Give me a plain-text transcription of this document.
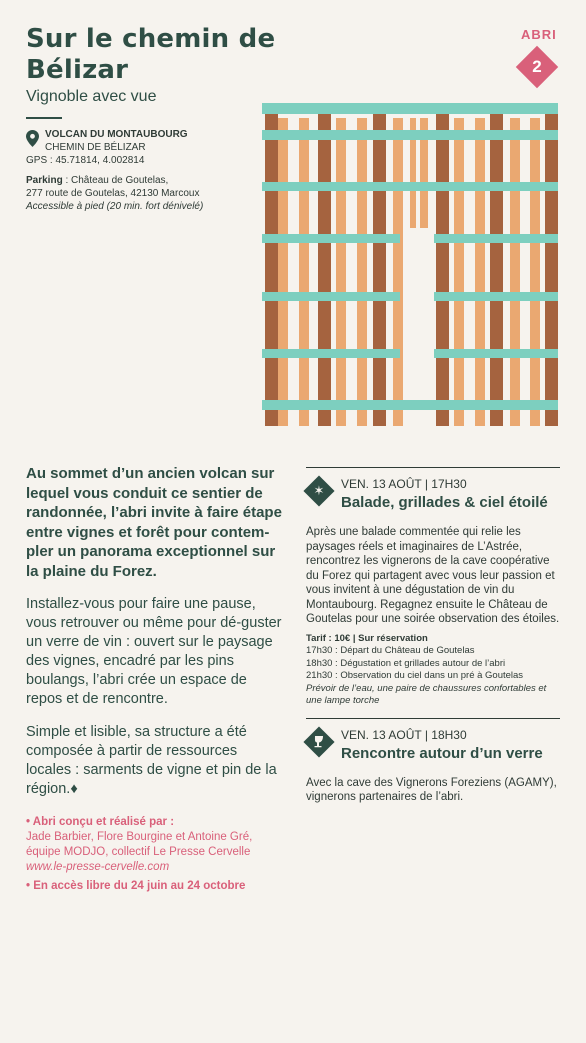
Sur le chemin de Bélizar
Vignoble avec vue
VOLCAN DU MONTAUBOURG
CHEMIN DE BÉLIZAR
GPS : 45.71814, 4.002814
Parking : Château de Goutelas,
277 route de Goutelas, 42130 Marcoux
Accessible à pied (20 min. fort dénivelé)
ABRI
2
Au sommet d’un ancien volcan sur lequel vous conduit ce sentier de randonnée, l’abri invite à faire étape entre vignes et forêt pour contem-pler un panorama exceptionnel sur la plaine du Forez.
Installez-vous pour faire une pause, vous retrouver ou même pour dé-guster un verre de vin : ouvert sur le paysage des vignes, encadré par les pins boulangs, l’abri crée un espace de repos et de rencontre.
Simple et lisible, sa structure a été composée à partir de ressources locales : sarments de vigne et pin de la région.♦
• Abri conçu et réalisé par :
Jade Barbier, Flore Bourgine et Antoine Gré, équipe MODJO, collectif Le Presse Cervelle
www.le-presse-cervelle.com
• En accès libre du 24 juin au 24 octobre
✶	VEN. 13 AOÛT | 17H30
Balade, grillades & ciel étoilé
Après une balade commentée qui relie les paysages réels et imaginaires de L’Astrée, rencontrez les vignerons de la cave coopérative du Forez qui partagent avec vous leur passion et vous invitent à une dégustation de vin du Montaubourg. Regagnez ensuite le Château de Goutelas pour une soirée observation des étoiles.
Tarif : 10€ | Sur réservation
17h30 : Départ du Château de Goutelas
18h30 : Dégustation et grillades autour de l’abri
21h30 : Observation du ciel dans un pré à Goutelas
Prévoir de l’eau, une paire de chaussures confortables et une lampe torche
VEN. 13 AOÛT | 18H30
Rencontre autour d’un verre
Avec la cave des Vignerons Foreziens (AGAMY), vignerons partenaires de l’abri.
